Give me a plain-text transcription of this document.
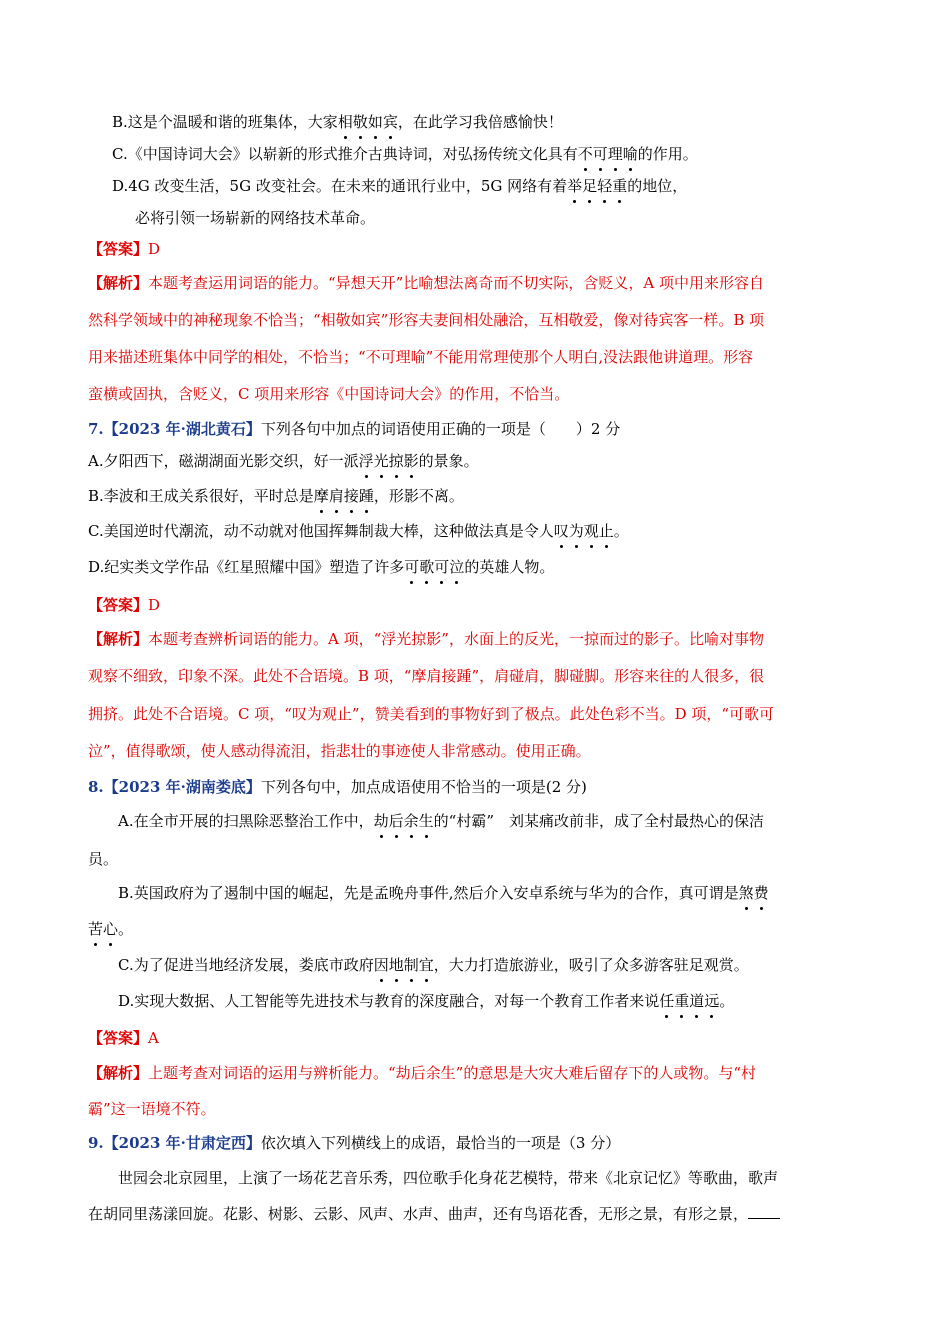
B.这是个温暖和谐的班集体，大家相敬如宾，在此学习我倍感愉快！
C.《中国诗词大会》以崭新的形式推介古典诗词，对弘扬传统文化具有不可理喻的作用。
D.4G 改变生活，5G 改变社会。在未来的通讯行业中，5G 网络有着举足轻重的地位，
必将引领一场崭新的网络技术革命。
【答案】D
【解析】本题考查运用词语的能力。“异想天开”比喻想法离奇而不切实际，含贬义，A 项中用来形容自
然科学领域中的神秘现象不恰当；“相敬如宾”形容夫妻间相处融洽，互相敬爱，像对待宾客一样。B 项
用来描述班集体中同学的相处，不恰当；“不可理喻”不能用常理使那个人明白,没法跟他讲道理。形容
蛮横或固执，含贬义，C 项用来形容《中国诗词大会》的作用，不恰当。
7.【2023 年·湖北黄石】下列各句中加点的词语使用正确的一项是（　　）2 分
A.夕阳西下，磁湖湖面光影交织，好一派浮光掠影的景象。
B.李波和王成关系很好，平时总是摩肩接踵，形影不离。
C.美国逆时代潮流，动不动就对他国挥舞制裁大棒，这种做法真是令人叹为观止。
D.纪实类文学作品《红星照耀中国》塑造了许多可歌可泣的英雄人物。
【答案】D
【解析】本题考查辨析词语的能力。A 项，“浮光掠影”，水面上的反光，一掠而过的影子。比喻对事物
观察不细致，印象不深。此处不合语境。B 项，“摩肩接踵”，肩碰肩，脚碰脚。形容来往的人很多，很
拥挤。此处不合语境。C 项，“叹为观止”，赞美看到的事物好到了极点。此处色彩不当。D 项，“可歌可
泣”，值得歌颂，使人感动得流泪，指悲壮的事迹使人非常感动。使用正确。
8.【2023 年·湖南娄底】下列各句中，加点成语使用不恰当的一项是(2 分)
A.在全市开展的扫黑除恶整治工作中，劫后余生的“村霸”　刘某痛改前非，成了全村最热心的保洁
员。
B.英国政府为了遏制中国的崛起，先是孟晚舟事件,然后介入安卓系统与华为的合作，真可谓是煞费
苦心。
C.为了促进当地经济发展，娄底市政府因地制宜，大力打造旅游业，吸引了众多游客驻足观赏。
D.实现大数据、人工智能等先进技术与教育的深度融合，对每一个教育工作者来说任重道远。
【答案】A
【解析】上题考查对词语的运用与辨析能力。“劫后余生”的意思是大灾大难后留存下的人或物。与“村
霸”这一语境不符。
9.【2023 年·甘肃定西】依次填入下列横线上的成语，最恰当的一项是（3 分）
世园会北京园里，上演了一场花艺音乐秀，四位歌手化身花艺模特，带来《北京记忆》等歌曲，歌声
在胡同里荡漾回旋。花影、树影、云影、风声、水声、曲声，还有鸟语花香，无形之景，有形之景，
